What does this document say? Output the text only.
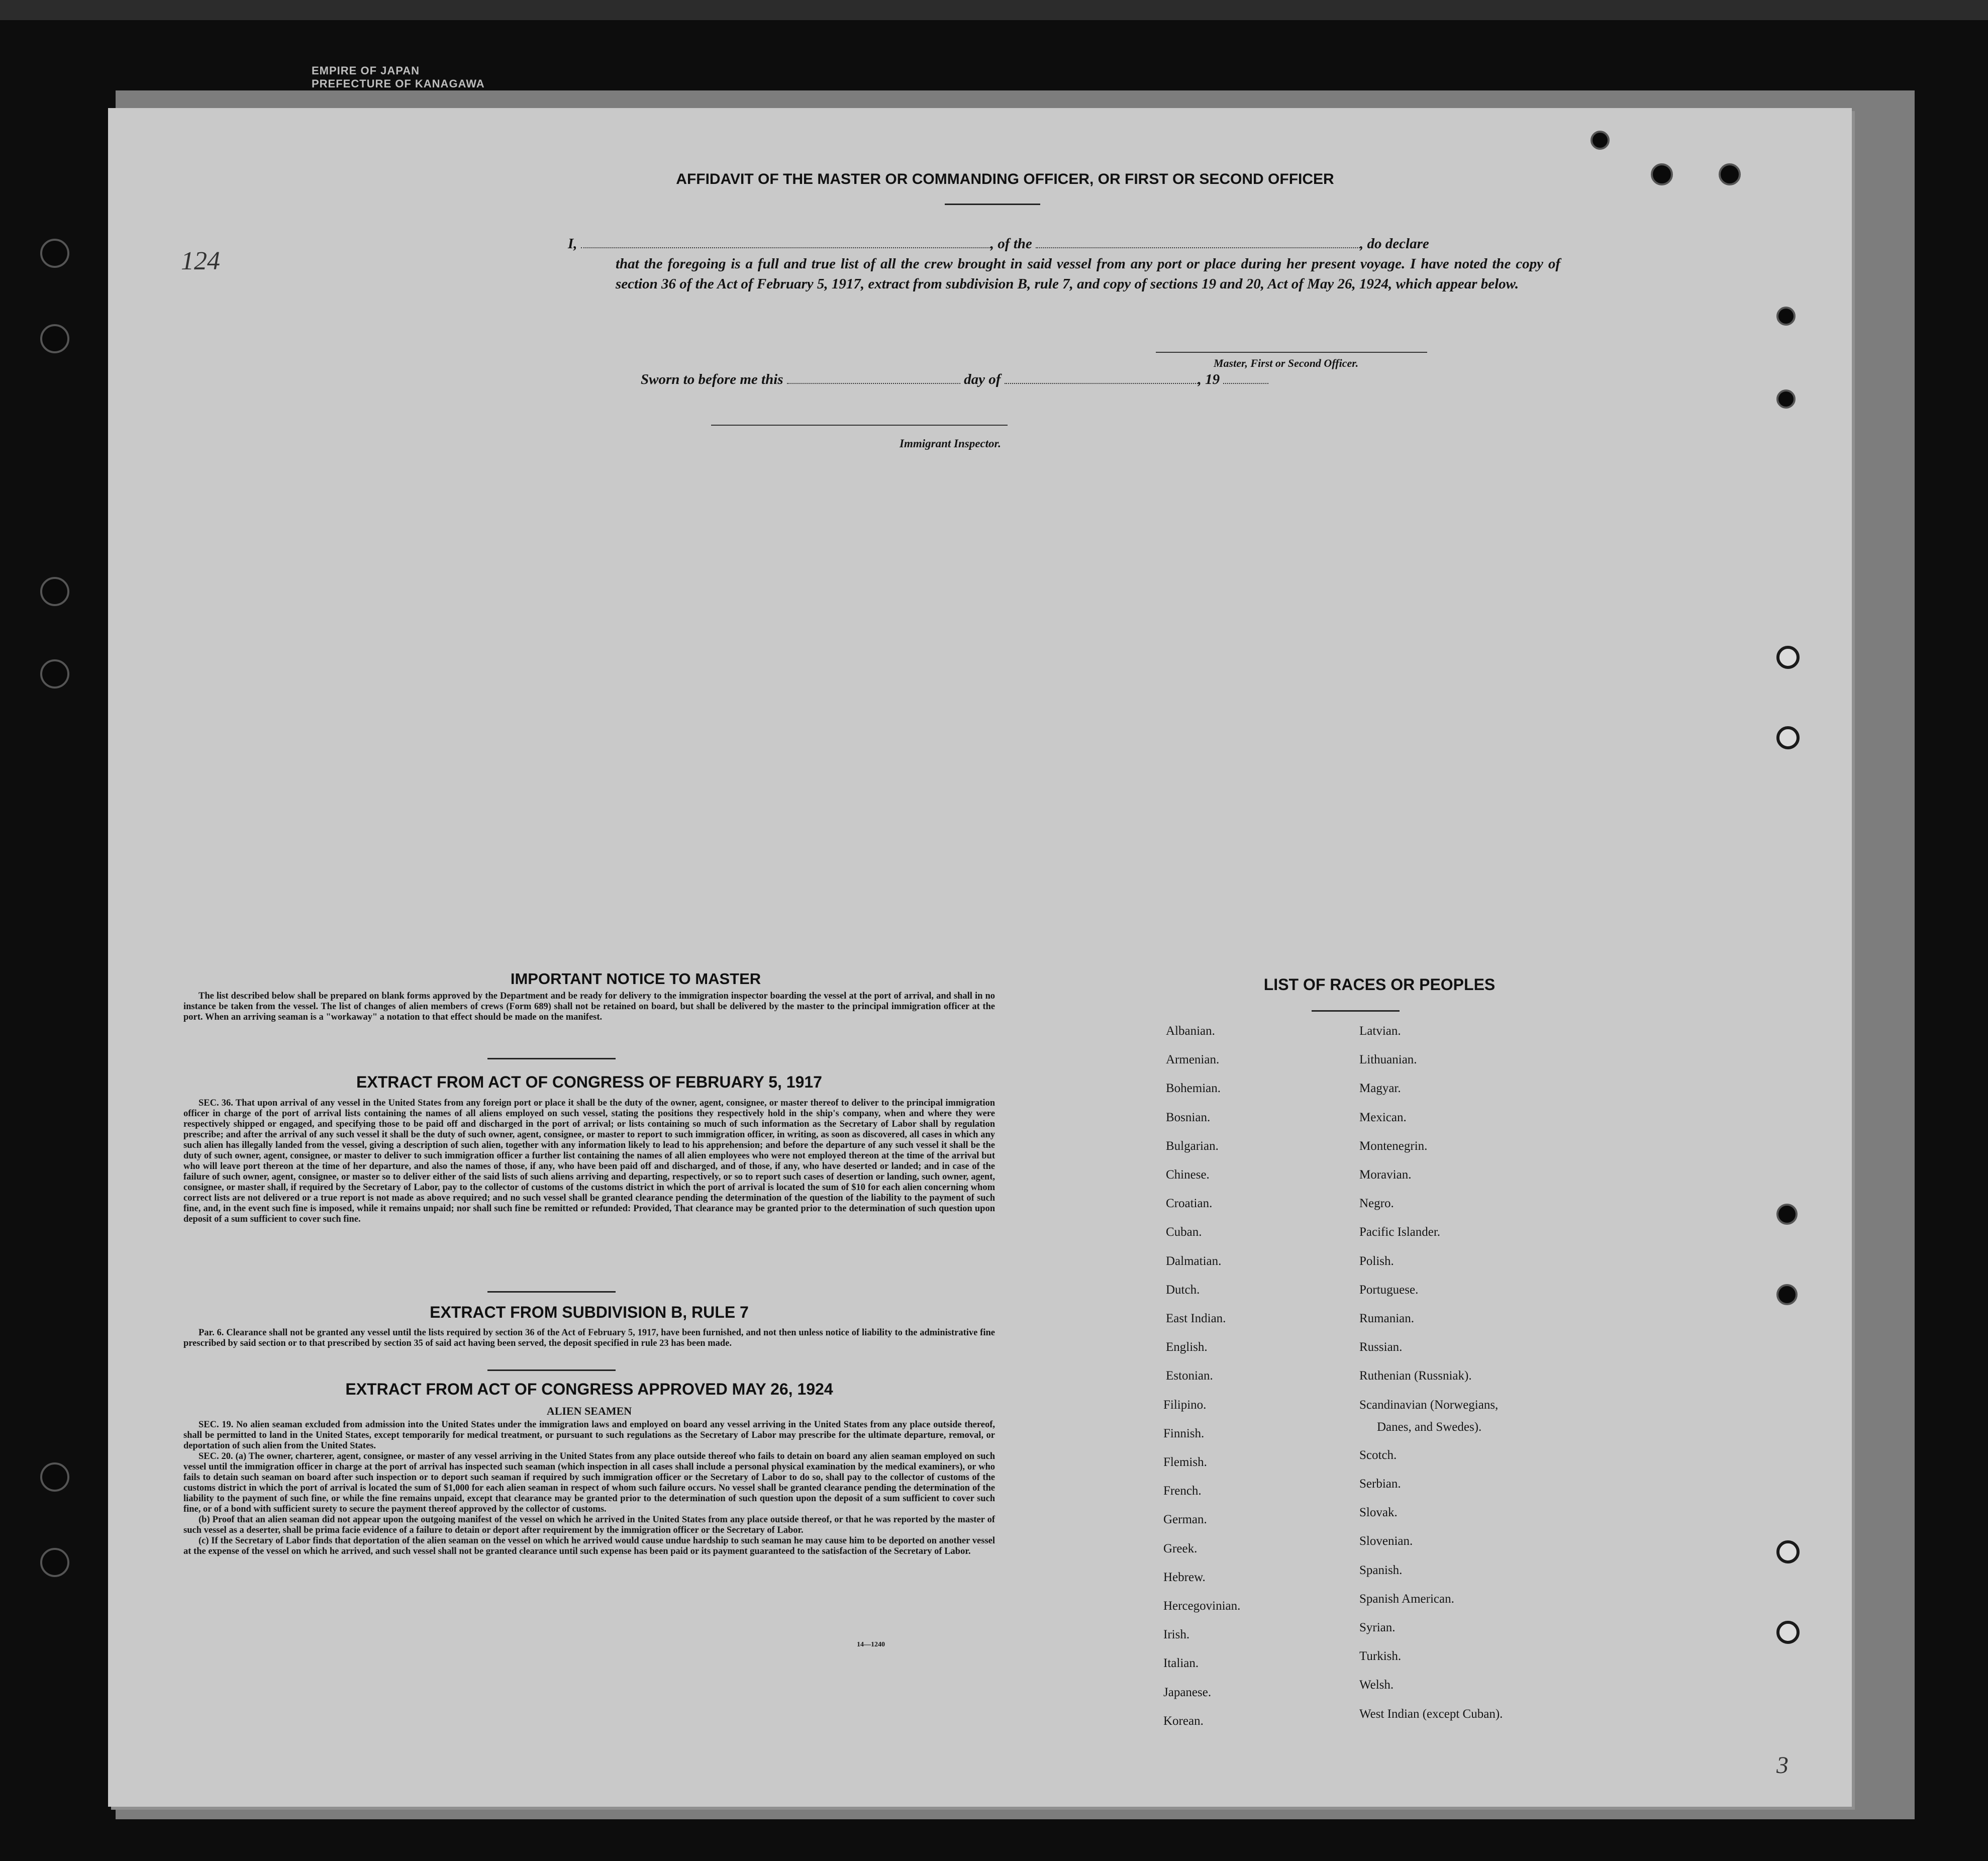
EMPIRE OF JAPAN
PREFECTURE OF KANAGAWA
124
3
AFFIDAVIT OF THE MASTER OR COMMANDING OFFICER, OR FIRST OR SECOND OFFICER
I,	, of the	, do declare
that the foregoing is a full and true list of all the crew brought in said vessel from any port or place during her present voyage. I have noted the copy of section 36 of the Act of February 5, 1917, extract from subdivision B, rule 7, and copy of sections 19 and 20, Act of May 26, 1924, which appear below.
Master, First or Second Officer.
Sworn to before me this	day of	, 19
Immigrant Inspector.
IMPORTANT NOTICE TO MASTER

The list described below shall be prepared on blank forms approved by the Department and be ready for delivery to the immigration inspector boarding the vessel at the port of arrival, and shall in no instance be taken from the vessel. The list of changes of alien members of crews (Form 689) shall not be retained on board, but shall be delivered by the master to the principal immigration officer at the port. When an arriving seaman is a "workaway" a notation to that effect should be made on the manifest.

EXTRACT FROM ACT OF CONGRESS OF FEBRUARY 5, 1917

SEC. 36. That upon arrival of any vessel in the United States from any foreign port or place it shall be the duty of the owner, agent, consignee, or master thereof to deliver to the principal immigration officer in charge of the port of arrival lists containing the names of all aliens employed on such vessel, stating the positions they respectively hold in the ship's company, when and where they were respectively shipped or engaged, and specifying those to be paid off and discharged in the port of arrival; or lists containing so much of such information as the Secretary of Labor shall by regulation prescribe; and after the arrival of any such vessel it shall be the duty of such owner, agent, consignee, or master to report to such immigration officer, in writing, as soon as discovered, all cases in which any such alien has illegally landed from the vessel, giving a description of such alien, together with any information likely to lead to his apprehension; and before the departure of any such vessel it shall be the duty of such owner, agent, consignee, or master to deliver to such immigration officer a further list containing the names of all alien employees who were not employed thereon at the time of the arrival but who will leave port thereon at the time of her departure, and also the names of those, if any, who have been paid off and discharged, and of those, if any, who have deserted or landed; and in case of the failure of such owner, agent, consignee, or master so to deliver either of the said lists of such aliens arriving and departing, respectively, or so to report such cases of desertion or landing, such owner, agent, consignee, or master shall, if required by the Secretary of Labor, pay to the collector of customs of the customs district in which the port of arrival is located the sum of $10 for each alien concerning whom correct lists are not delivered or a true report is not made as above required; and no such vessel shall be granted clearance pending the determination of the question of the liability to the payment of such fine, and, in the event such fine is imposed, while it remains unpaid; nor shall such fine be remitted or refunded: Provided, That clearance may be granted prior to the determination of such question upon deposit of a sum sufficient to cover such fine.

EXTRACT FROM SUBDIVISION B, RULE 7

Par. 6. Clearance shall not be granted any vessel until the lists required by section 36 of the Act of February 5, 1917, have been furnished, and not then unless notice of liability to the administrative fine prescribed by said section or to that prescribed by section 35 of said act having been served, the deposit specified in rule 23 has been made.

EXTRACT FROM ACT OF CONGRESS APPROVED MAY 26, 1924
ALIEN SEAMEN

SEC. 19. No alien seaman excluded from admission into the United States under the immigration laws and employed on board any vessel arriving in the United States from any place outside thereof, shall be permitted to land in the United States, except temporarily for medical treatment, or pursuant to such regulations as the Secretary of Labor may prescribe for the ultimate departure, removal, or deportation of such alien from the United States.

SEC. 20. (a) The owner, charterer, agent, consignee, or master of any vessel arriving in the United States from any place outside thereof who fails to detain on board any alien seaman employed on such vessel until the immigration officer in charge at the port of arrival has inspected such seaman (which inspection in all cases shall include a personal physical examination by the medical examiners), or who fails to detain such seaman on board after such inspection or to deport such seaman if required by such immigration officer or the Secretary of Labor to do so, shall pay to the collector of customs of the customs district in which the port of arrival is located the sum of $1,000 for each alien seaman in respect of whom such failure occurs. No vessel shall be granted clearance pending the determination of the liability to the payment of such fine, or while the fine remains unpaid, except that clearance may be granted prior to the determination of such question upon the deposit of a sum sufficient to cover such fine, or of a bond with sufficient surety to secure the payment thereof approved by the collector of customs.

(b) Proof that an alien seaman did not appear upon the outgoing manifest of the vessel on which he arrived in the United States from any place outside thereof, or that he was reported by the master of such vessel as a deserter, shall be prima facie evidence of a failure to detain or deport after requirement by the immigration officer or the Secretary of Labor.

(c) If the Secretary of Labor finds that deportation of the alien seaman on the vessel on which he arrived would cause undue hardship to such seaman he may cause him to be deported on another vessel at the expense of the vessel on which he arrived, and such vessel shall not be granted clearance until such expense has been paid or its payment guaranteed to the satisfaction of the Secretary of Labor.

14—1240
LIST OF RACES OR PEOPLES
Albanian.
Armenian.
Bohemian.
Bosnian.
Bulgarian.
Chinese.
Croatian.
Cuban.
Dalmatian.
Dutch.
East Indian.
English.
Estonian.
Filipino.
Finnish.
Flemish.
French.
German.
Greek.
Hebrew.
Hercegovinian.
Irish.
Italian.
Japanese.
Korean.
Latvian.
Lithuanian.
Magyar.
Mexican.
Montenegrin.
Moravian.
Negro.
Pacific Islander.
Polish.
Portuguese.
Rumanian.
Russian.
Ruthenian (Russniak).
Scandinavian (Norwegians,
Scotch.
Serbian.
Slovak.
Slovenian.
Spanish.
Spanish American.
Syrian.
Turkish.
Welsh.
West Indian (except Cuban).
Danes, and Swedes).
